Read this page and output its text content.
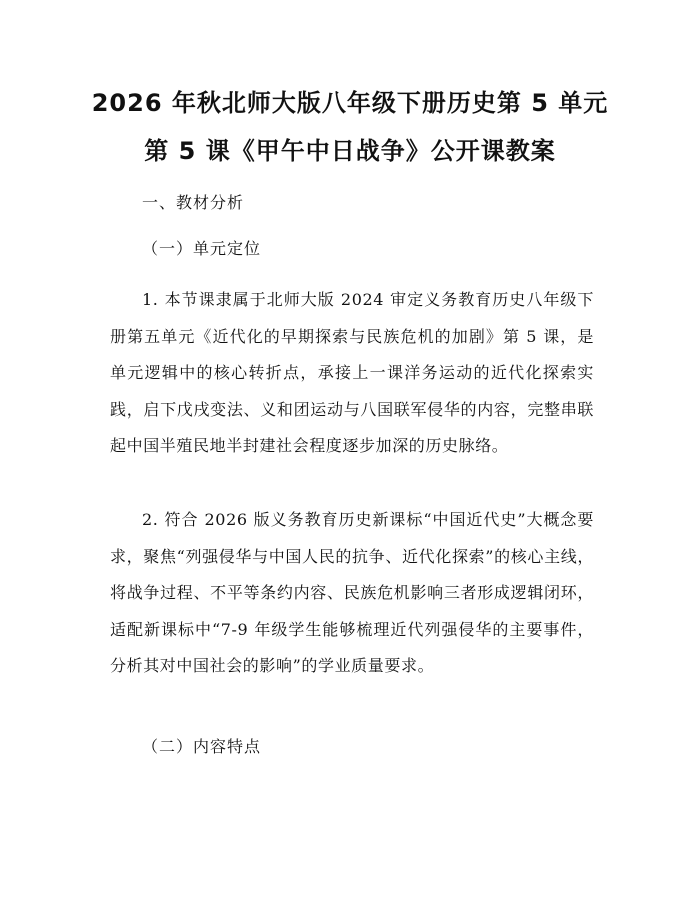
2026 年秋北师大版八年级下册历史第 5 单元
第 5 课《甲午中日战争》公开课教案
一、教材分析
（一）单元定位
1. 本节课隶属于北师大版 2024 审定义务教育历史八年级下册第五单元《近代化的早期探索与民族危机的加剧》第 5 课，是单元逻辑中的核心转折点，承接上一课洋务运动的近代化探索实践，启下戊戌变法、义和团运动与八国联军侵华的内容，完整串联起中国半殖民地半封建社会程度逐步加深的历史脉络。
2. 符合 2026 版义务教育历史新课标“中国近代史”大概念要求，聚焦“列强侵华与中国人民的抗争、近代化探索”的核心主线，将战争过程、不平等条约内容、民族危机影响三者形成逻辑闭环，适配新课标中“7-9 年级学生能够梳理近代列强侵华的主要事件，分析其对中国社会的影响”的学业质量要求。
（二）内容特点
